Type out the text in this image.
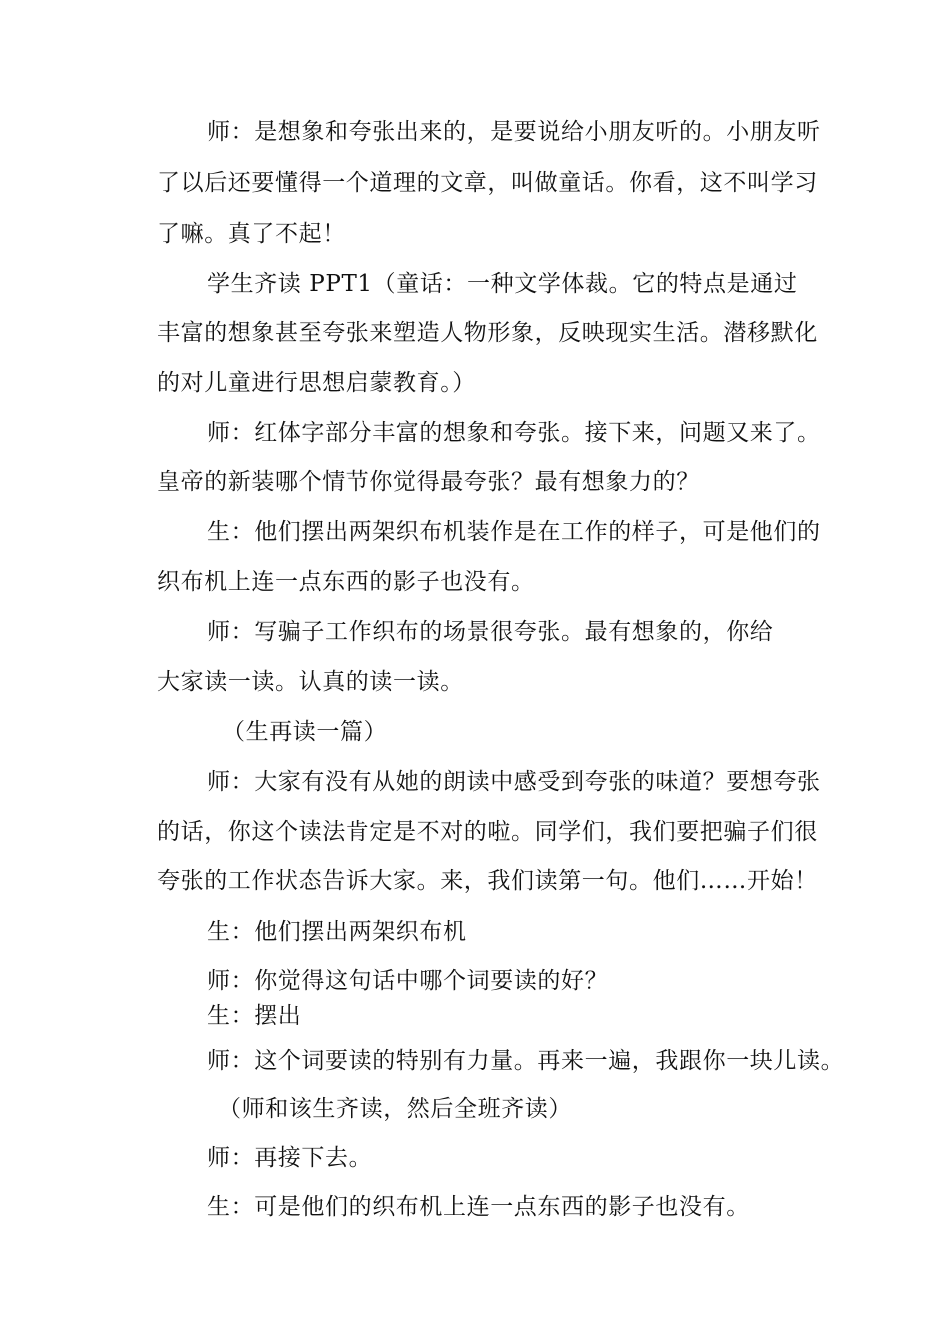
师：是想象和夸张出来的，是要说给小朋友听的。小朋友听
了以后还要懂得一个道理的文章，叫做童话。你看，这不叫学习
了嘛。真了不起！
学生齐读 PPT1（童话：一种文学体裁。它的特点是通过
丰富的想象甚至夸张来塑造人物形象，反映现实生活。潜移默化
的对儿童进行思想启蒙教育。）
师：红体字部分丰富的想象和夸张。接下来，问题又来了。
皇帝的新装哪个情节你觉得最夸张？最有想象力的？
生：他们摆出两架织布机装作是在工作的样子，可是他们的
织布机上连一点东西的影子也没有。
师：写骗子工作织布的场景很夸张。最有想象的，你给
大家读一读。认真的读一读。
（生再读一篇）
师：大家有没有从她的朗读中感受到夸张的味道？要想夸张
的话，你这个读法肯定是不对的啦。同学们，我们要把骗子们很
夸张的工作状态告诉大家。来，我们读第一句。他们……开始！
生：他们摆出两架织布机
师：你觉得这句话中哪个词要读的好？
生：摆出
师：这个词要读的特别有力量。再来一遍，我跟你一块儿读。
（师和该生齐读，然后全班齐读）
师：再接下去。
生：可是他们的织布机上连一点东西的影子也没有。
